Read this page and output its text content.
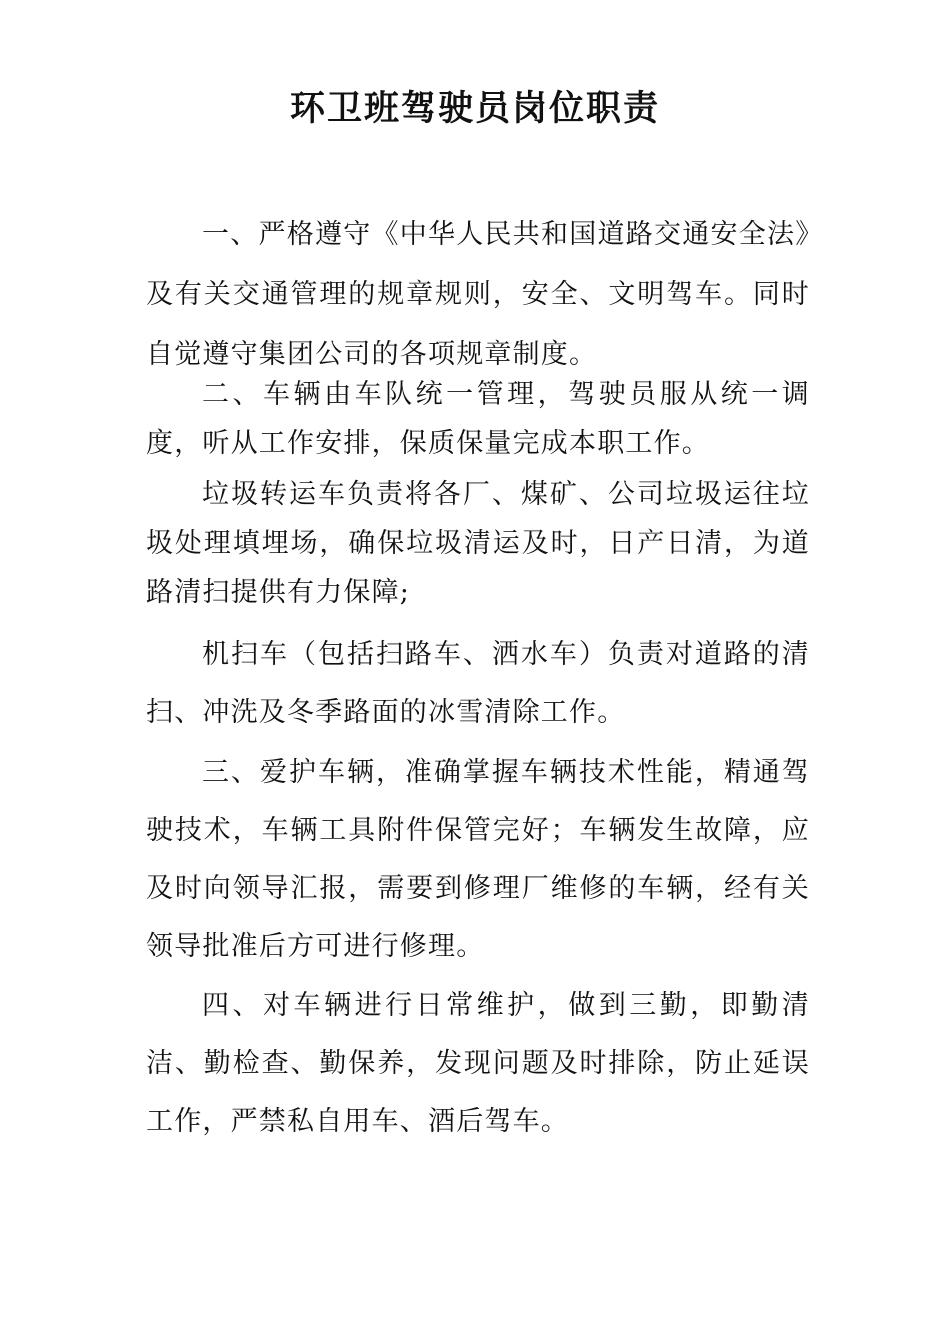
环卫班驾驶员岗位职责

一、严格遵守《中华人民共和国道路交通安全法》及有关交通管理的规章规则，安全、文明驾车。同时自觉遵守集团公司的各项规章制度。

二、车辆由车队统一管理，驾驶员服从统一调度，听从工作安排，保质保量完成本职工作。

垃圾转运车负责将各厂、煤矿、公司垃圾运往垃圾处理填埋场，确保垃圾清运及时，日产日清，为道路清扫提供有力保障;

机扫车（包括扫路车、洒水车）负责对道路的清扫、冲洗及冬季路面的冰雪清除工作。

三、爱护车辆，准确掌握车辆技术性能，精通驾驶技术，车辆工具附件保管完好；车辆发生故障，应及时向领导汇报，需要到修理厂维修的车辆，经有关领导批准后方可进行修理。

四、对车辆进行日常维护，做到三勤，即勤清洁、勤检查、勤保养，发现问题及时排除，防止延误工作，严禁私自用车、酒后驾车。
